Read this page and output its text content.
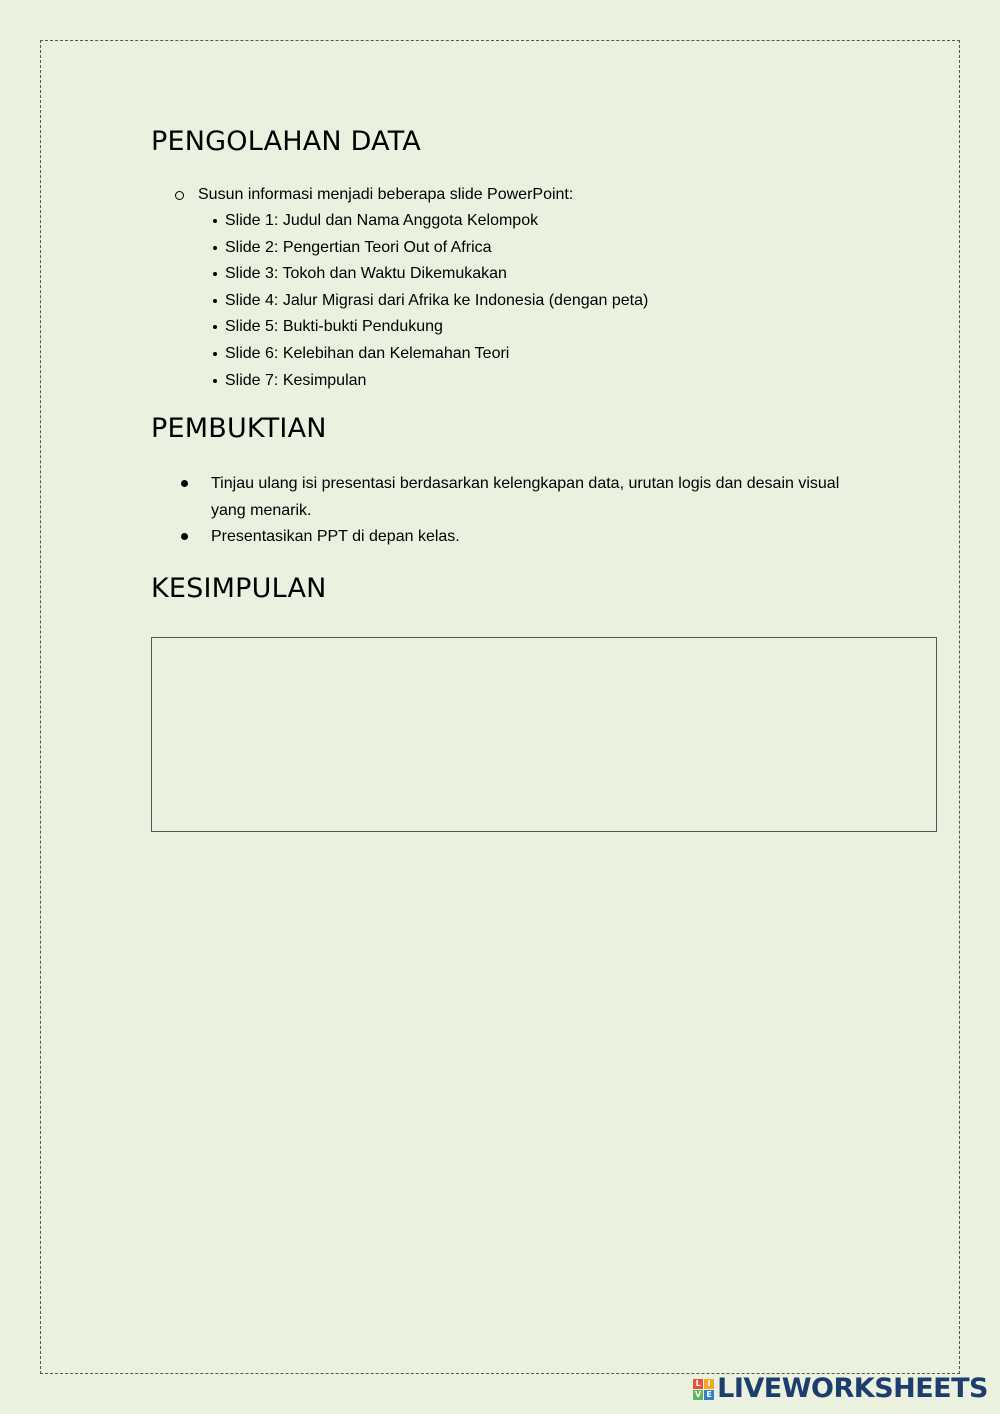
PENGOLAHAN DATA
Susun informasi menjadi beberapa slide PowerPoint:
Slide 1: Judul dan Nama Anggota Kelompok
Slide 2: Pengertian Teori Out of Africa
Slide 3: Tokoh dan Waktu Dikemukakan
Slide 4: Jalur Migrasi dari Afrika ke Indonesia (dengan peta)
Slide 5: Bukti-bukti Pendukung
Slide 6: Kelebihan dan Kelemahan Teori
Slide 7: Kesimpulan
PEMBUKTIAN
Tinjau ulang isi presentasi berdasarkan kelengkapan data, urutan logis dan desain visual yang menarik.
Presentasikan PPT di depan kelas.
KESIMPULAN
L I
V E LIVEWORKSHEETS
